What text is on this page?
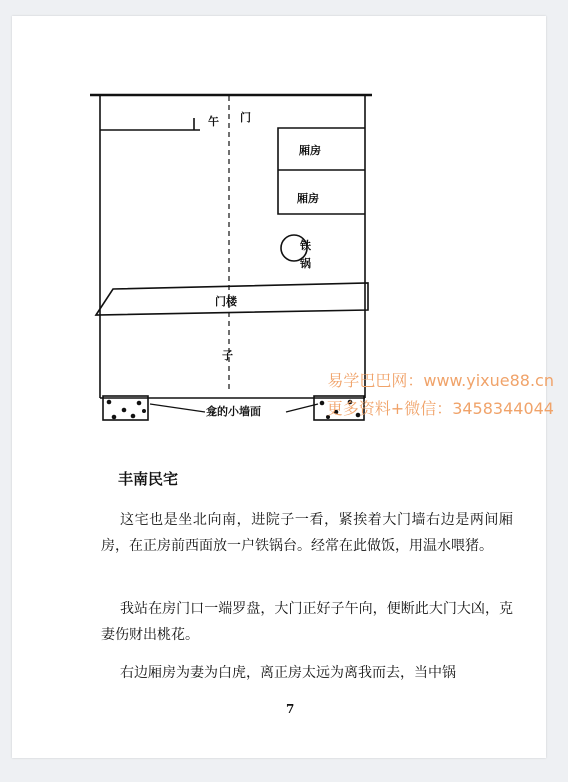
午 门
厢房
厢房
铁
锅
门楼
子
龛的小墙面
丰南民宅

这宅也是坐北向南，进院子一看，紧挨着大门墙右边是两间厢房，在正房前西面放一户铁锅台。经常在此做饭，用温水喂猪。

我站在房门口一端罗盘，大门正好子午向，便断此大门大凶，克妻伤财出桃花。

右边厢房为妻为白虎，离正房太远为离我而去，当中锅

7
易学巴巴网：www.yixue88.cn
更多资料+微信：3458344044
